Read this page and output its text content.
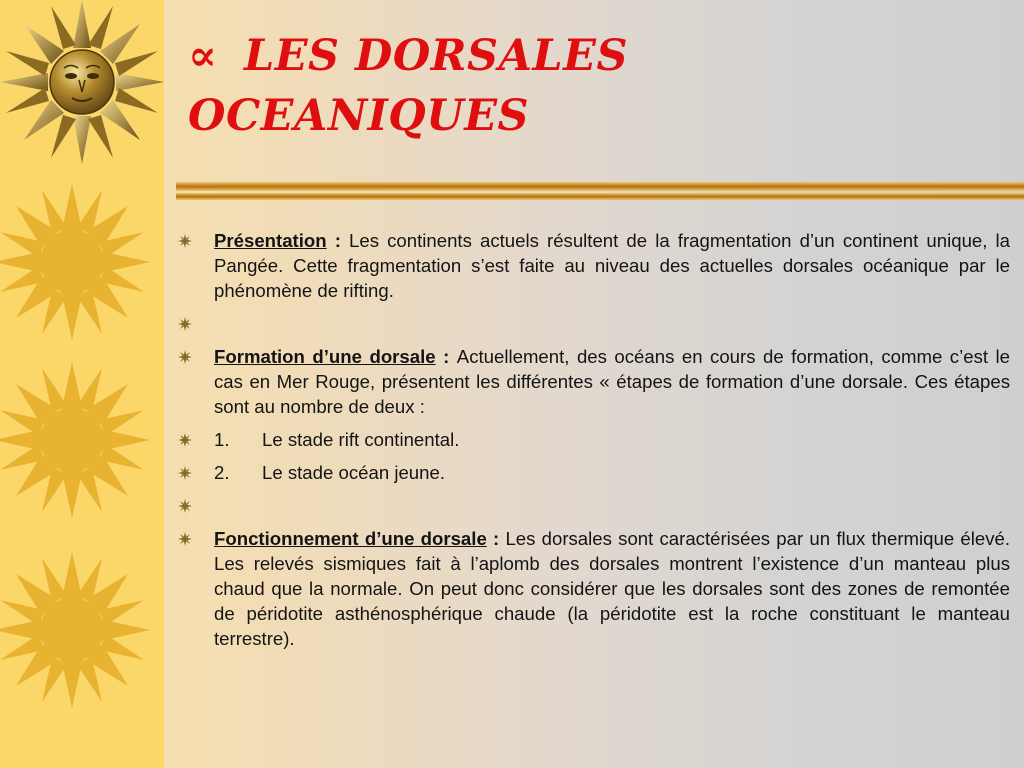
∝ LES DORSALES
OCEANIQUES
Présentation : Les continents actuels résultent de la fragmentation d’un continent unique, la Pangée. Cette fragmentation s’est faite au niveau des actuelles dorsales océanique par le phénomène de rifting.
Formation d’une dorsale : Actuellement, des océans en cours de formation, comme c’est le cas en Mer Rouge, présentent les différentes « étapes de formation d’une dorsale. Ces étapes sont au nombre de deux :
1. Le stade rift continental.
2. Le stade océan jeune.
Fonctionnement d’une dorsale : Les dorsales sont caractérisées par un flux thermique élevé. Les relevés sismiques fait à l’aplomb des dorsales montrent l’existence d’un manteau plus chaud que la normale. On peut donc considérer que les dorsales sont des zones de remontée de péridotite asthénosphérique chaude (la péridotite est la roche constituant le manteau terrestre).
